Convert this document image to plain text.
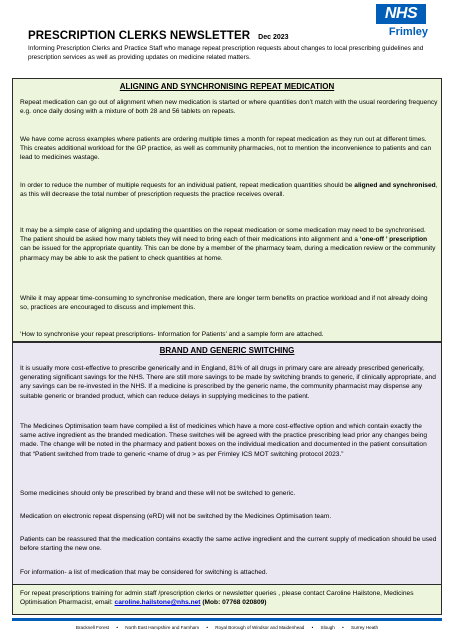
PRESCRIPTION CLERKS NEWSLETTER Dec 2023
NHS
Frimley
Informing Prescription Clerks and Practice Staff who manage repeat prescription requests about changes to local prescribing guidelines and prescription services as well as providing updates on medicine related matters.
ALIGNING AND SYNCHRONISING REPEAT MEDICATION
Repeat medication can go out of alignment when new medication is started or where quantities don’t match with the usual reordering frequency e.g. once daily dosing with a mixture of both 28 and 56 tablets on repeats.
We have come across examples where patients are ordering multiple times a month for repeat medication as they run out at different times. This creates additional workload for the GP practice, as well as community pharmacies, not to mention the inconvenience to patients and can lead to medicines wastage.
In order to reduce the number of multiple requests for an individual patient, repeat medication quantities should be aligned and synchronised, as this will decrease the total number of prescription requests the practice receives overall.
It may be a simple case of aligning and updating the quantities on the repeat medication or some medication may need to be synchronised. The patient should be asked how many tablets they will need to bring each of their medications into alignment and a ‘one-off ’ prescription can be issued for the appropriate quantity. This can be done by a member of the pharmacy team, during a medication review or the community pharmacy may be able to ask the patient to check quantities at home.
While it may appear time-consuming to synchronise medication, there are longer term benefits on practice workload and if not already doing so, practices are encouraged to discuss and implement this.
‘How to synchronise your repeat prescriptions- Information for Patients’ and a sample form are attached.
BRAND AND GENERIC SWITCHING
It is usually more cost-effective to prescribe generically and in England, 81% of all drugs in primary care are already prescribed generically, generating significant savings for the NHS. There are still more savings to be made by switching brands to generic, if clinically appropriate, and any savings can be re-invested in the NHS. If a medicine is prescribed by the generic name, the community pharmacist may dispense any suitable generic or branded product, which can reduce delays in supplying medicines to the patient.
The Medicines Optimisation team have compiled a list of medicines which have a more cost-effective option and which contain exactly the same active ingredient as the branded medication. These switches will be agreed with the practice prescribing lead prior any changes being made. The change will be noted in the pharmacy and patient boxes on the individual medication and documented in the patient consultation that “Patient switched from trade to generic <name of drug > as per Frimley ICS MOT switching protocol 2023.”
Some medicines should only be prescribed by brand and these will not be switched to generic.
Medication on electronic repeat dispensing (eRD) will not be switched by the Medicines Optimisation team.
Patients can be reassured that the medication contains exactly the same active ingredient and the current supply of medication should be used before starting the new one.
For information- a list of medication that may be considered for switching is attached.
For repeat prescriptions training for admin staff /prescription clerks or newsletter queries , please contact Caroline Hailstone, Medicines Optimisation Pharmacist, email: caroline.hailstone@nhs.net (Mob: 07768 020809)
Bracknell Forest • North East Hampshire and Farnham • Royal Borough of Windsor and Maidenhead • Slough • Surrey Heath
